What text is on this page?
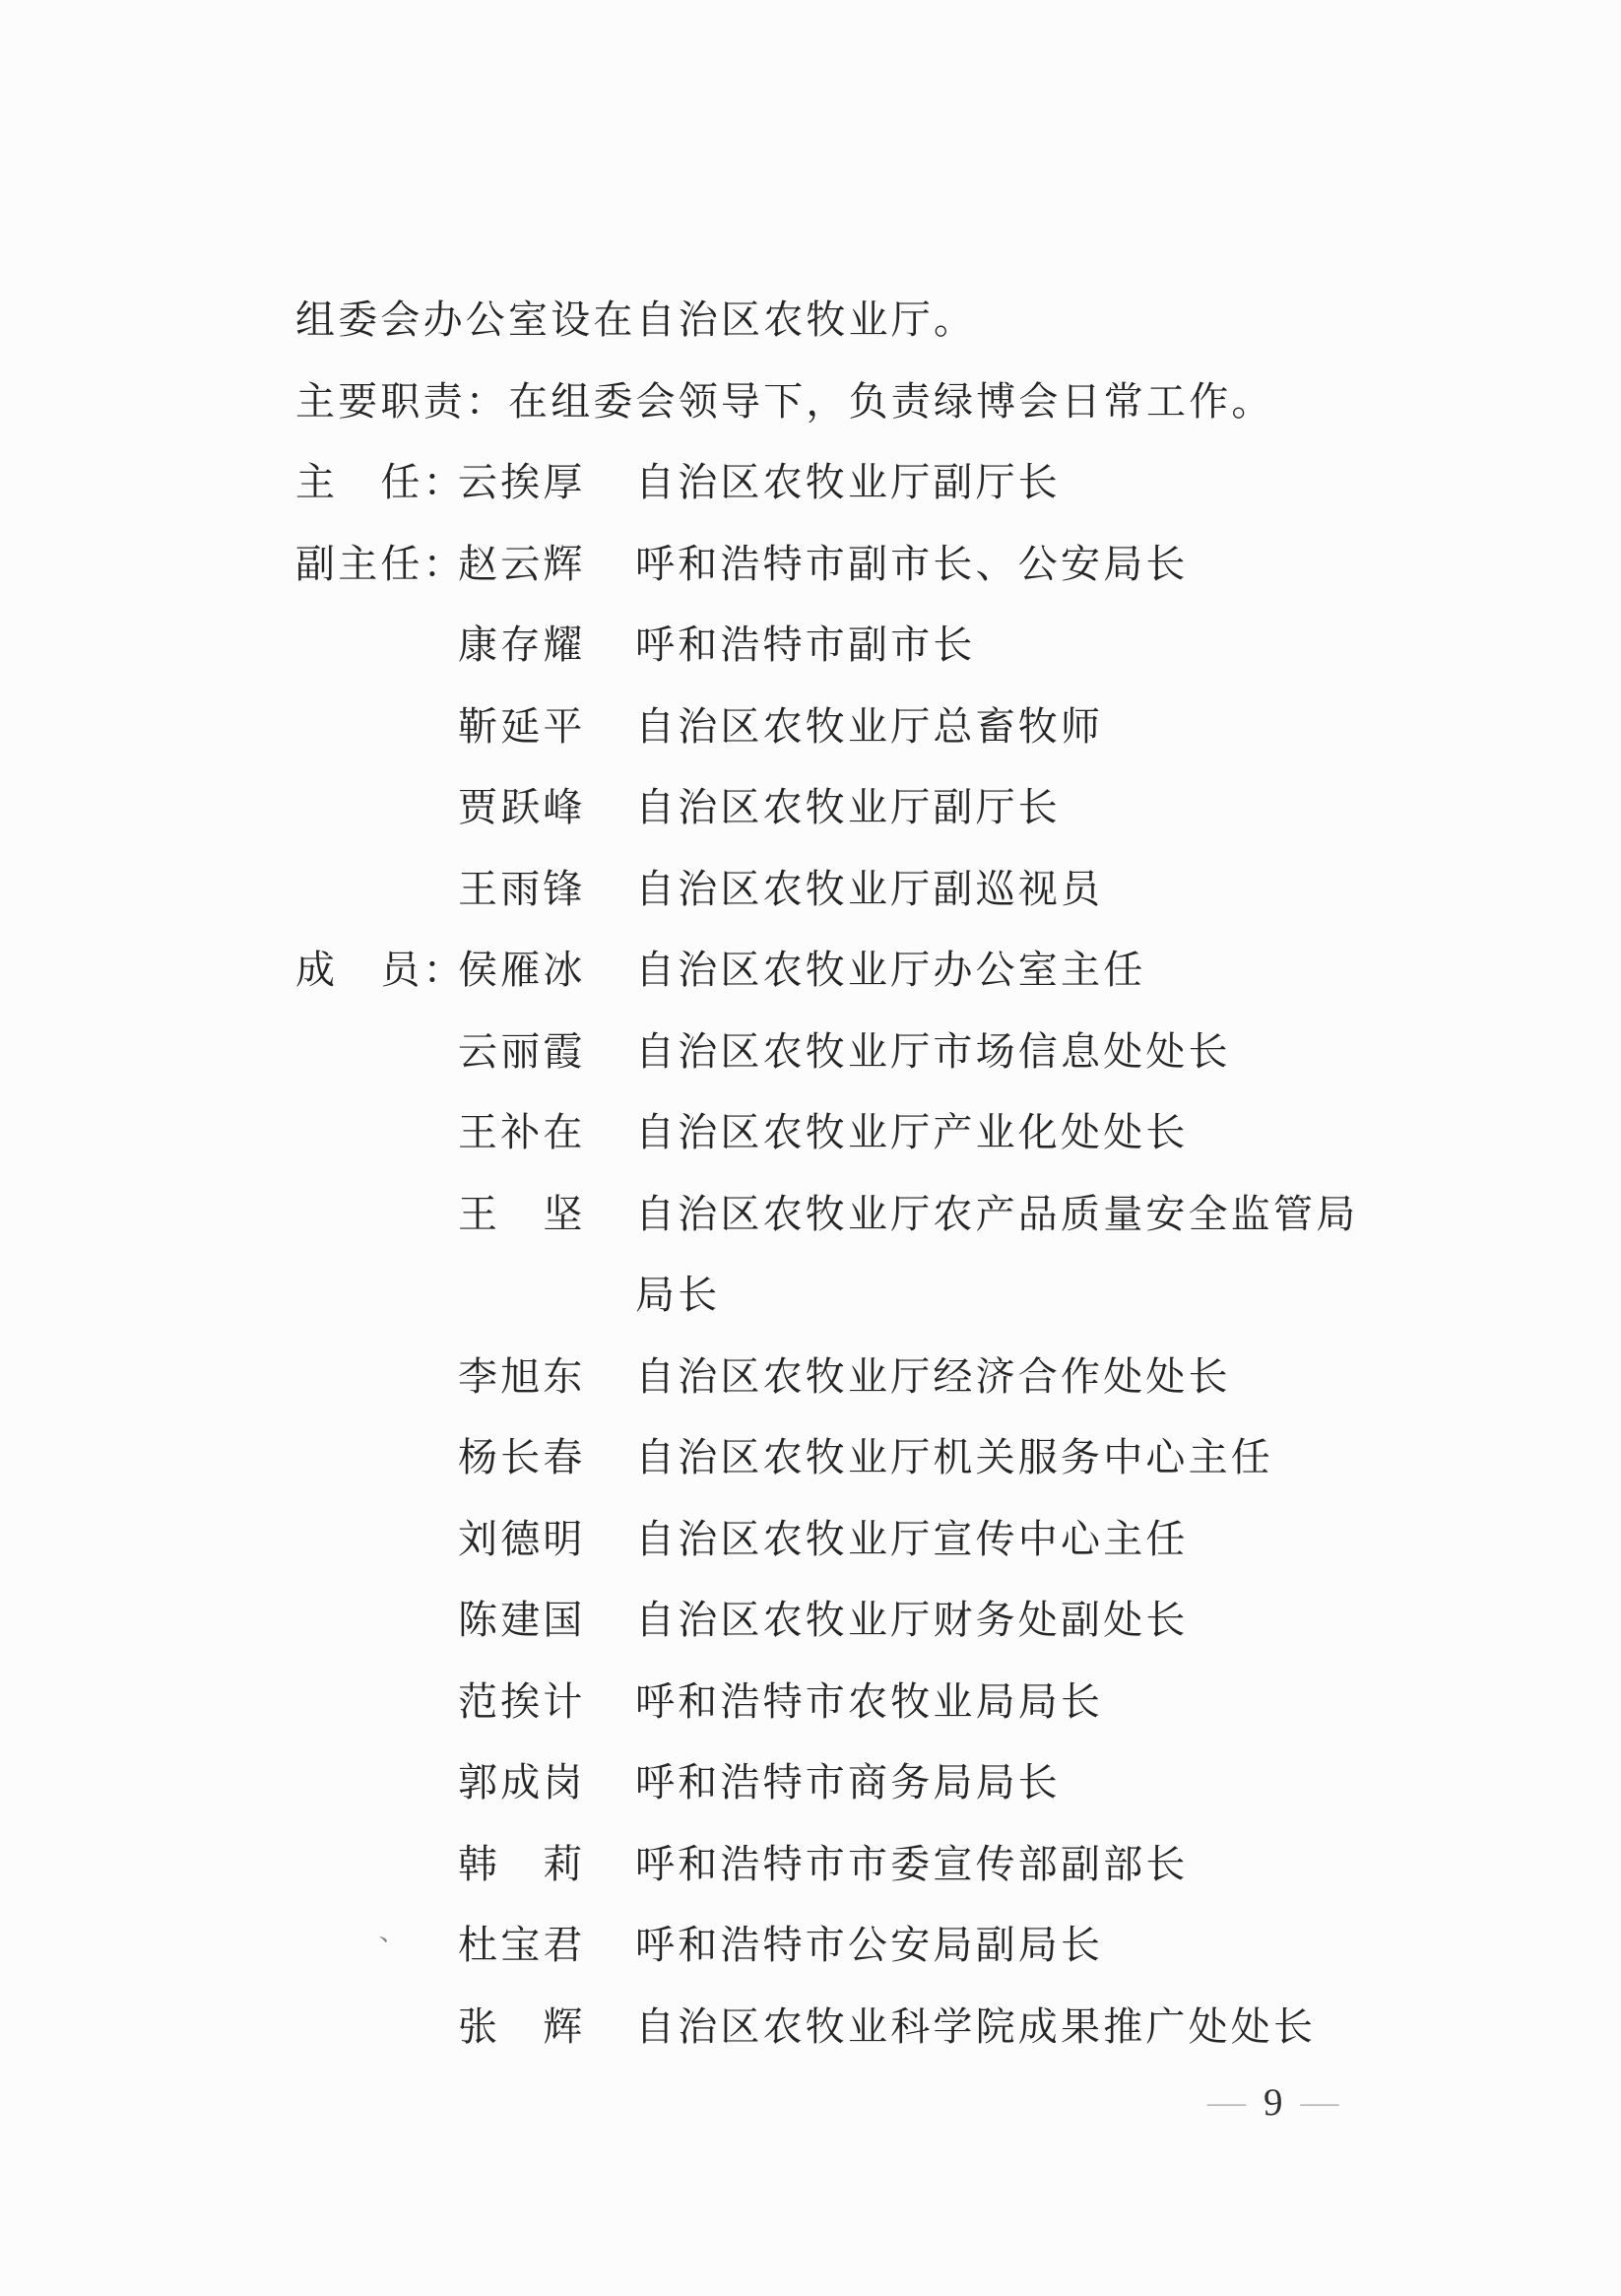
组委会办公室设在自治区农牧业厅。
主要职责：在组委会领导下，负责绿博会日常工作。
主　任：云挨厚 自治区农牧业厅副厅长
副主任：赵云辉 呼和浩特市副市长、公安局长
康存耀 呼和浩特市副市长
靳延平 自治区农牧业厅总畜牧师
贾跃峰 自治区农牧业厅副厅长
王雨锋 自治区农牧业厅副巡视员
成　员：侯雁冰 自治区农牧业厅办公室主任
云丽霞 自治区农牧业厅市场信息处处长
王补在 自治区农牧业厅产业化处处长
王　坚 自治区农牧业厅农产品质量安全监管局
局长
李旭东 自治区农牧业厅经济合作处处长
杨长春 自治区农牧业厅机关服务中心主任
刘德明 自治区农牧业厅宣传中心主任
陈建国 自治区农牧业厅财务处副处长
范挨计 呼和浩特市农牧业局局长
郭成岗 呼和浩特市商务局局长
韩　莉 呼和浩特市市委宣传部副部长
杜宝君 呼和浩特市公安局副局长
张　辉 自治区农牧业科学院成果推广处处长
、
— 9 —
